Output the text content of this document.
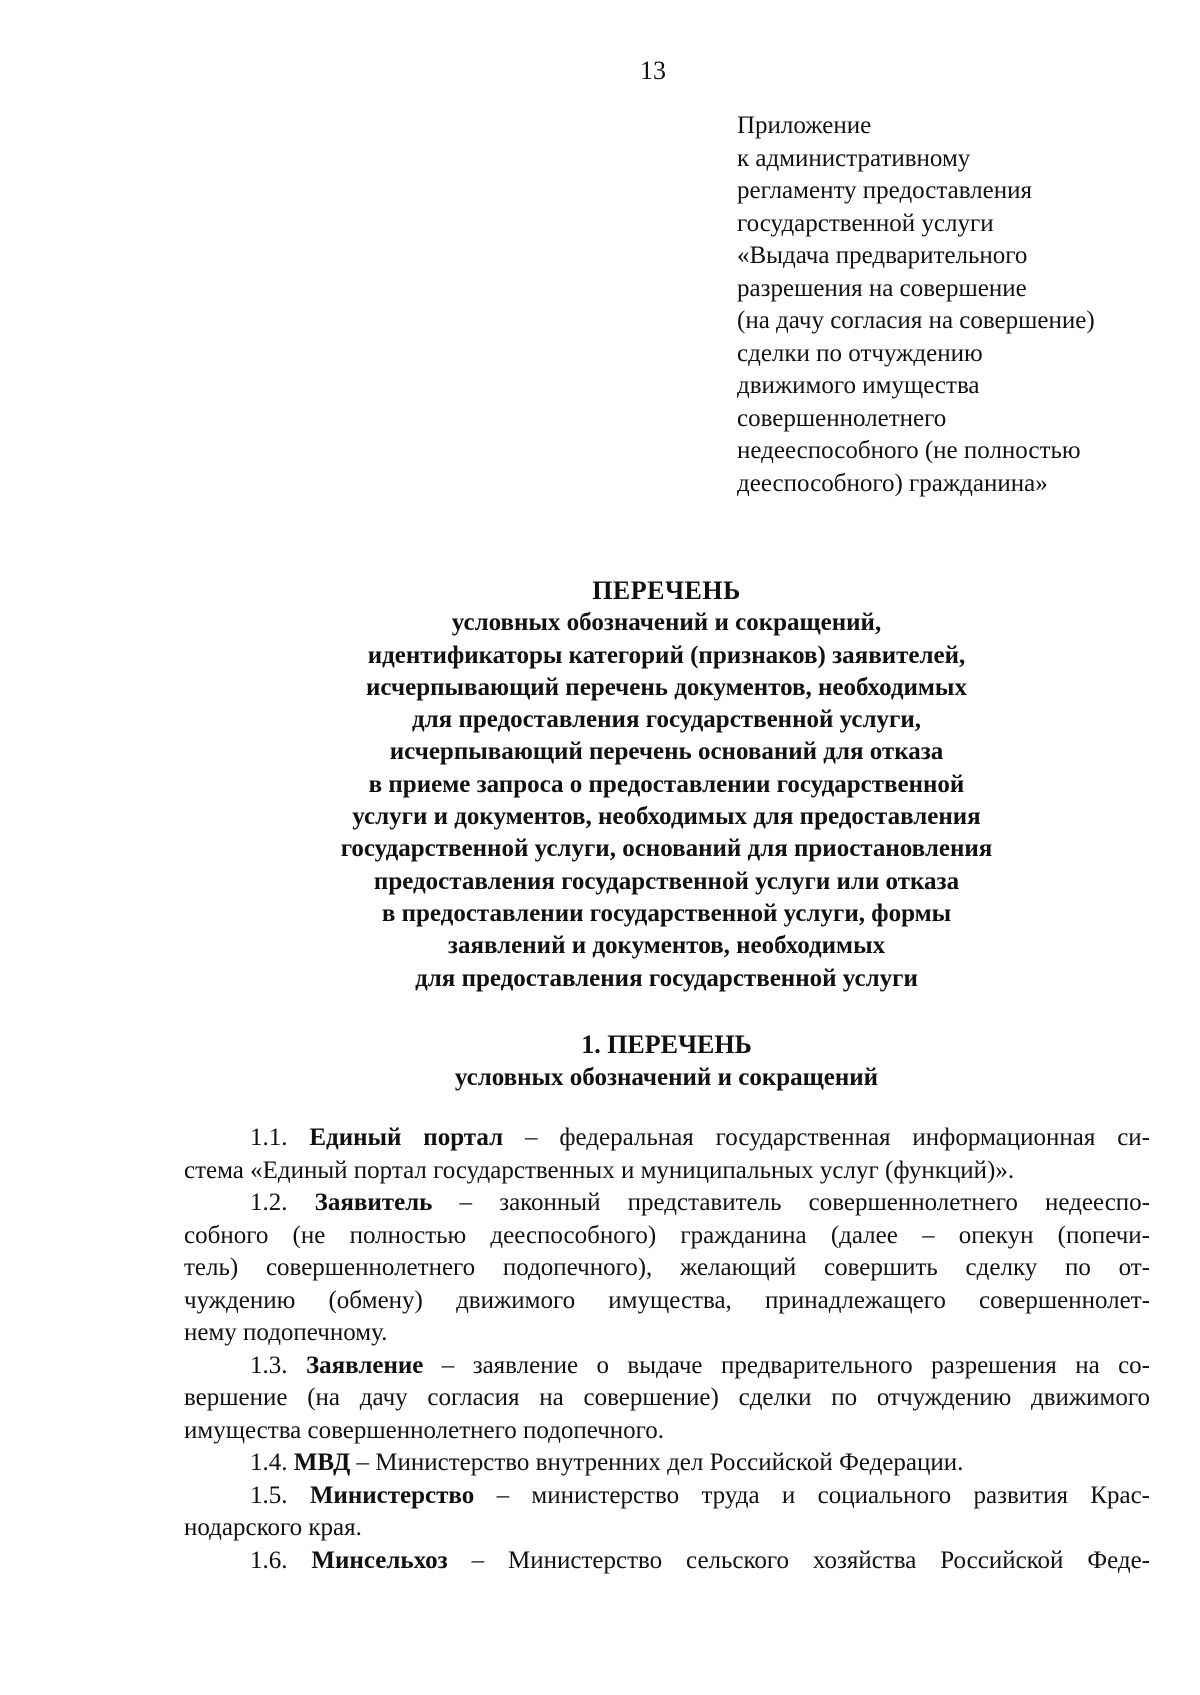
13
Приложение
к административному
регламенту предоставления
государственной услуги
«Выдача предварительного
разрешения на совершение
(на дачу согласия на совершение)
сделки по отчуждению
движимого имущества
совершеннолетнего
недееспособного (не полностью
дееспособного) гражданина»
ПЕРЕЧЕНЬ
условных обозначений и сокращений,
идентификаторы категорий (признаков) заявителей,
исчерпывающий перечень документов, необходимых
для предоставления государственной услуги,
исчерпывающий перечень оснований для отказа
в приеме запроса о предоставлении государственной
услуги и документов, необходимых для предоставления
государственной услуги, оснований для приостановления
предоставления государственной услуги или отказа
в предоставлении государственной услуги, формы
заявлений и документов, необходимых
для предоставления государственной услуги
1. ПЕРЕЧЕНЬ
условных обозначений и сокращений
1.1. Единый портал – федеральная государственная информационная си-
стема «Единый портал государственных и муниципальных услуг (функций)».
1.2. Заявитель – законный представитель совершеннолетнего недееспо-
собного (не полностью дееспособного) гражданина (далее – опекун (попечи-
тель) совершеннолетнего подопечного), желающий совершить сделку по от-
чуждению (обмену) движимого имущества, принадлежащего совершеннолет-
нему подопечному.
1.3. Заявление – заявление о выдаче предварительного разрешения на со-
вершение (на дачу согласия на совершение) сделки по отчуждению движимого
имущества совершеннолетнего подопечного.
1.4. МВД – Министерство внутренних дел Российской Федерации.
1.5. Министерство – министерство труда и социального развития Крас-
нодарского края.
1.6. Минсельхоз – Министерство сельского хозяйства Российской Феде-
